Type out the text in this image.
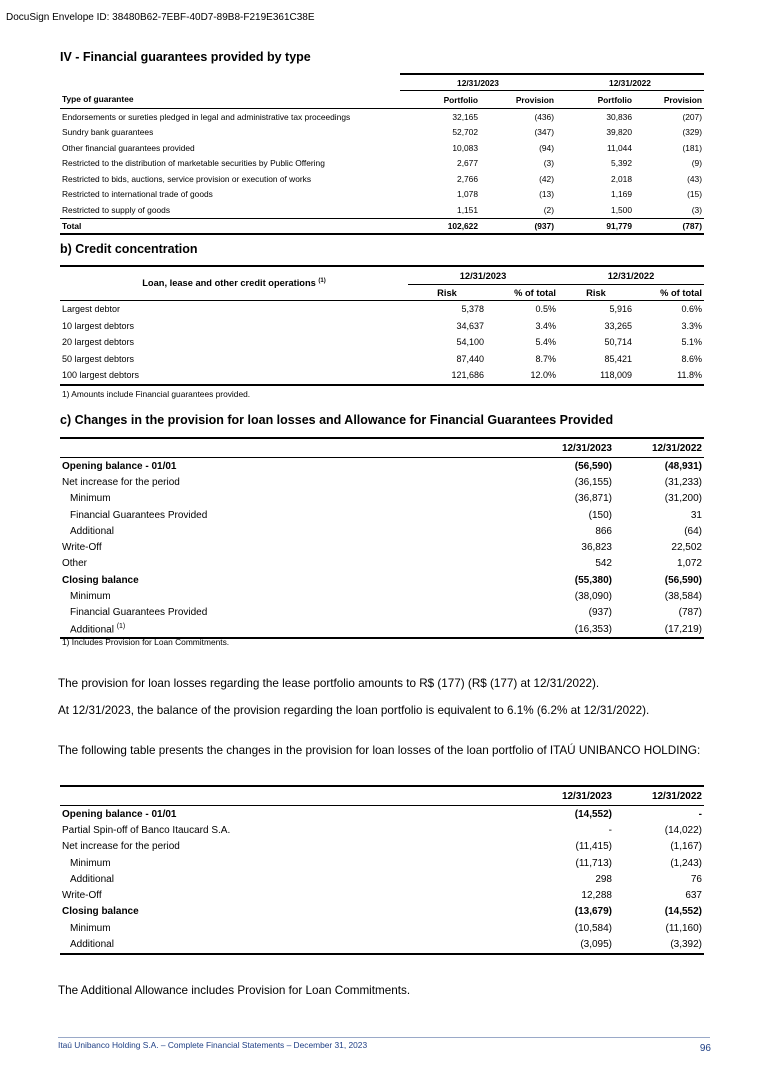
DocuSign Envelope ID: 38480B62-7EBF-40D7-89B8-F219E361C38E
IV - Financial guarantees provided by type
	12/31/2023		12/31/2022	
Type of guarantee	Portfolio	Provision	Portfolio	Provision
Endorsements or sureties pledged in legal and administrative tax proceedings	32,165	(436)	30,836	(207)
Sundry bank guarantees	52,702	(347)	39,820	(329)
Other financial guarantees provided	10,083	(94)	11,044	(181)
Restricted to the distribution of marketable securities by Public Offering	2,677	(3)	5,392	(9)
Restricted to bids, auctions, service provision or execution of works	2,766	(42)	2,018	(43)
Restricted to international trade of goods	1,078	(13)	1,169	(15)
Restricted to supply of goods	1,151	(2)	1,500	(3)
Total	102,622	(937)	91,779	(787)
b) Credit concentration
Loan, lease and other credit operations $^{(1)}$	12/31/2023		12/31/2022	
	Risk	% of total	Risk	% of total
Largest debtor	5,378	0.5%	5,916	0.6%
10 largest debtors	34,637	3.4%	33,265	3.3%
20 largest debtors	54,100	5.4%	50,714	5.1%
50 largest debtors	87,440	8.7%	85,421	8.6%
100 largest debtors	121,686	12.0%	118,009	11.8%
1) Amounts include Financial guarantees provided.
c) Changes in the provision for loan losses and Allowance for Financial Guarantees Provided
	12/31/2023	12/31/2022
Opening balance - 01/01	(56,590)	(48,931)
Net increase for the period	(36,155)	(31,233)
Minimum	(36,871)	(31,200)
Financial Guarantees Provided	(150)	31
Additional	866	(64)
Write-Off	36,823	22,502
Other	542	1,072
Closing balance	(55,380)	(56,590)
Minimum	(38,090)	(38,584)
Financial Guarantees Provided	(937)	(787)
Additional $^{(1)}$	(16,353)	(17,219)
1) Includes Provision for Loan Commitments.
The provision for loan losses regarding the lease portfolio amounts to R$ (177) (R$ (177) at 12/31/2022).
At 12/31/2023, the balance of the provision regarding the loan portfolio is equivalent to 6.1% (6.2% at 12/31/2022).
The following table presents the changes in the provision for loan losses of the loan portfolio of ITAÚ UNIBANCO HOLDING:
	12/31/2023	12/31/2022
Opening balance - 01/01	(14,552)	-
Partial Spin-off of Banco Itaucard S.A.	-	(14,022)
Net increase for the period	(11,415)	(1,167)
Minimum	(11,713)	(1,243)
Additional	298	76
Write-Off	12,288	637
Closing balance	(13,679)	(14,552)
Minimum	(10,584)	(11,160)
Additional	(3,095)	(3,392)
The Additional Allowance includes Provision for Loan Commitments.
Itaú Unibanco Holding S.A. – Complete Financial Statements – December 31, 2023	96
